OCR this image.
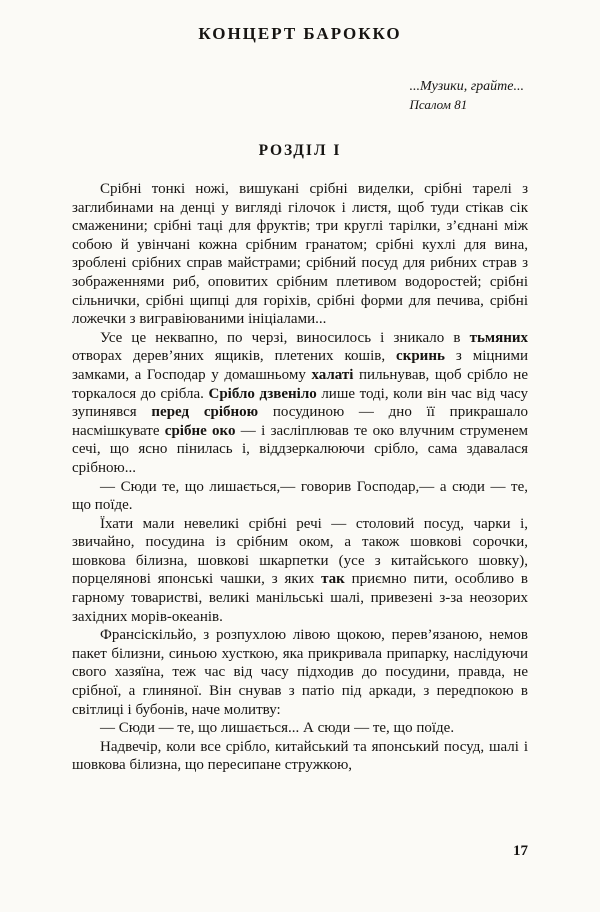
КОНЦЕРТ БАРОККО
...Музики, грайте...
Псалом 81
РОЗДІЛ І

Срібні тонкі ножі, вишукані срібні виделки, срібні тарелі з заглибинами на денці у вигляді гілочок і листя, щоб туди стікав сік смаженини; срібні таці для фруктів; три круглі тарілки, з’єднані між собою й увінчані кожна срібним гранатом; срібні кухлі для вина, зроблені срібних справ майстрами; срібний посуд для рибних страв з зображеннями риб, оповитих срібним плетивом водоростей; срібні сільнички, срібні щипці для горіхів, срібні форми для печива, срібні ложечки з вигравіюваними ініціалами...

Усе це неквапно, по черзі, виносилось і зникало в тьмяних отворах дерев’яних ящиків, плетених кошів, скринь з міцними замками, а Господар у домашньому халаті пильнував, щоб срібло не торкалося до срібла. Срібло дзвеніло лише тоді, коли він час від часу зупинявся перед срібною посудиною — дно її прикрашало насмішкувате срібне око — і засліплював те око влучним струменем сечі, що ясно пінилась і, віддзеркалюючи срібло, сама здавалася срібною...

— Сюди те, що лишається,— говорив Господар,— а сюди — те, що поїде.

Їхати мали невеликі срібні речі — столовий посуд, чарки і, звичайно, посудина із срібним оком, а також шовкові сорочки, шовкова білизна, шовкові шкарпетки (усе з китайського шовку), порцелянові японські чашки, з яких так приємно пити, особливо в гарному товаристві, великі манільські шалі, привезені з-за неозорих західних морів-океанів.

Франсіскільйо, з розпухлою лівою щокою, перев’язаною, немов пакет білизни, синьою хусткою, яка прикривала припарку, наслідуючи свого хазяїна, теж час від часу підходив до посудини, правда, не срібної, а глиняної. Він снував з патіо під аркади, з передпокою в світлиці і бубонів, наче молитву:

— Сюди — те, що лишається... А сюди — те, що поїде.

Надвечір, коли все срібло, китайський та японський посуд, шалі і шовкова білизна, що пересипане стружкою,

17
